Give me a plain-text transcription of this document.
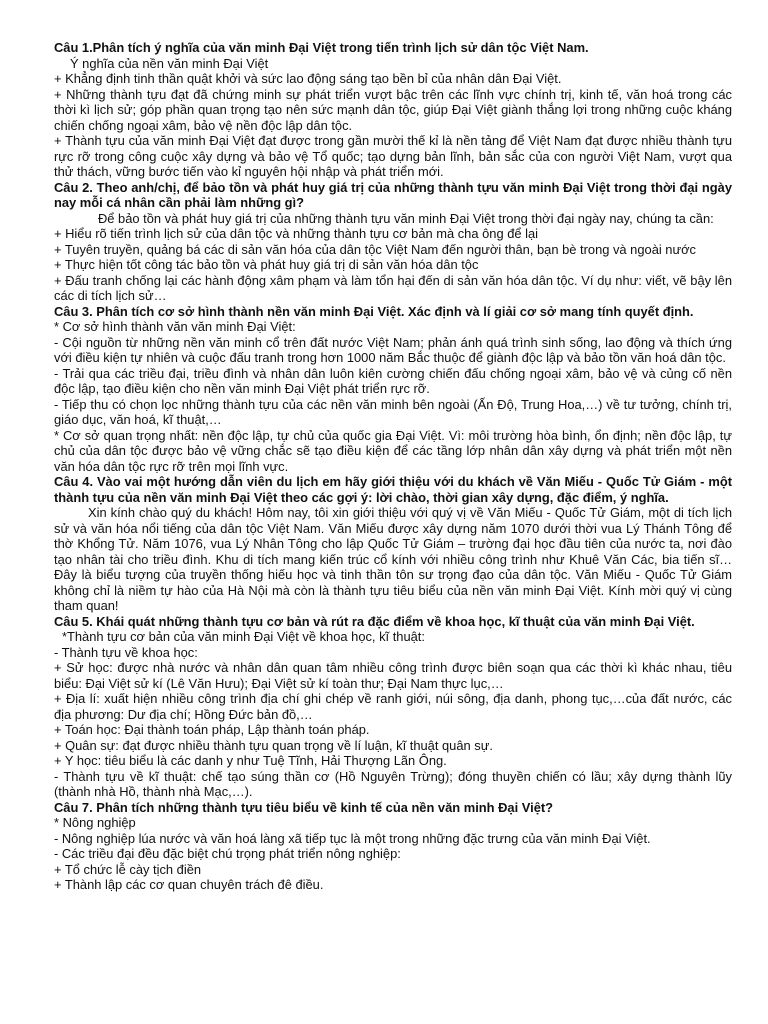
Câu 1.Phân tích ý nghĩa của văn minh Đại Việt trong tiến trình lịch sử dân tộc Việt Nam.

Ý nghĩa của nền văn minh Đại Việt

+ Khẳng định tinh thần quật khởi và sức lao động sáng tạo bền bỉ của nhân dân Đại Việt.

+ Những thành tựu đạt đã chứng minh sự phát triển vượt bậc trên các lĩnh vực chính trị, kinh tế, văn hoá trong các thời kì lịch sử; góp phần quan trọng tạo nên sức mạnh dân tộc, giúp Đại Việt giành thắng lợi trong những cuộc kháng chiến chống ngoại xâm, bảo vệ nền độc lập dân tộc.

+ Thành tựu của văn minh Đại Việt đạt được trong gần mười thế kỉ là nền tảng để Việt Nam đạt được nhiều thành tựu rực rỡ trong công cuộc xây dựng và bảo vệ Tổ quốc; tạo dựng bản lĩnh, bản sắc của con người Việt Nam, vượt qua thử thách, vững bước tiến vào kỉ nguyên hội nhập và phát triển mới.

Câu 2. Theo anh/chị, để bảo tồn và phát huy giá trị của những thành tựu văn minh Đại Việt trong thời đại ngày nay mỗi cá nhân cần phải làm những gì?

Để bảo tồn và phát huy giá trị của những thành tựu văn minh Đại Việt trong thời đại ngày nay, chúng ta cần:

+ Hiểu rõ tiến trình lịch sử của dân tộc và những thành tựu cơ bản mà cha ông để lại

+ Tuyên truyền, quảng bá các di sản văn hóa của dân tộc Việt Nam đến người thân, bạn bè trong và ngoài nước

+ Thực hiện tốt công tác bảo tồn và phát huy giá trị di sản văn hóa dân tộc

+ Đấu tranh chống lại các hành động xâm phạm và làm tổn hại đến di sản văn hóa dân tộc. Ví dụ như: viết, vẽ bậy lên các di tích lịch sử…

Câu 3. Phân tích cơ sở hình thành nền văn minh Đại Việt. Xác định và lí giải cơ sở mang tính quyết định.

* Cơ sở hình thành văn văn minh Đại Việt:

- Cội nguồn từ những nền văn minh cổ trên đất nước Việt Nam; phản ánh quá trình sinh sống, lao động và thích ứng với điều kiện tự nhiên và cuộc đấu tranh trong hơn 1000 năm Bắc thuộc để giành độc lập và bảo tồn văn hoá dân tộc.

- Trải qua các triều đại, triều đình và nhân dân luôn kiên cường chiến đấu chống ngoại xâm, bảo vệ và củng cố nền độc lập, tạo điều kiện cho nền văn minh Đại Việt phát triển rực rỡ.

- Tiếp thu có chọn lọc những thành tựu của các nền văn minh bên ngoài (Ấn Độ, Trung Hoa,…) về tư tưởng, chính trị, giáo dục, văn hoá, kĩ thuật,…

* Cơ sở quan trọng nhất: nền độc lập, tự chủ của quốc gia Đại Việt. Vì: môi trường hòa bình, ổn định; nền độc lập, tự chủ của dân tộc được bảo vệ vững chắc sẽ tạo điều kiện để các tầng lớp nhân dân xây dựng và phát triển một nền văn hóa dân tộc rực rỡ trên mọi lĩnh vực.

Câu 4. Vào vai một hướng dẫn viên du lịch em hãy giới thiệu với du khách về Văn Miếu - Quốc Tử Giám - một thành tựu của nền văn minh Đại Việt theo các gợi ý: lời chào, thời gian xây dựng, đặc điểm, ý nghĩa.

Xin kính chào quý du khách! Hôm nay, tôi xin giới thiệu với quý vị về Văn Miếu - Quốc Tử Giám, một di tích lịch sử và văn hóa nổi tiếng của dân tộc Việt Nam. Văn Miếu được xây dựng năm 1070 dưới thời vua Lý Thánh Tông để thờ Khổng Tử. Năm 1076, vua Lý Nhân Tông cho lập Quốc Tử Giám – trường đại học đầu tiên của nước ta, nơi đào tạo nhân tài cho triều đình. Khu di tích mang kiến trúc cổ kính với nhiều công trình như Khuê Văn Các, bia tiến sĩ… Đây là biểu tượng của truyền thống hiếu học và tinh thần tôn sư trọng đạo của dân tộc. Văn Miếu - Quốc Tử Giám không chỉ là niềm tự hào của Hà Nội mà còn là thành tựu tiêu biểu của nền văn minh Đại Việt. Kính mời quý vị cùng tham quan!

Câu 5. Khái quát những thành tựu cơ bản và rút ra đặc điểm về khoa học, kĩ thuật của văn minh Đại Việt.

*Thành tựu cơ bản của văn minh Đại Việt về khoa học, kĩ thuật:

- Thành tựu về khoa học:

+ Sử học: được nhà nước và nhân dân quan tâm nhiều công trình được biên soạn qua các thời kì khác nhau, tiêu biểu: Đại Việt sử kí (Lê Văn Hưu); Đại Việt sử kí toàn thư; Đại Nam thực lục,…

+ Địa lí: xuất hiện nhiều công trình địa chí ghi chép về ranh giới, núi sông, địa danh, phong tục,…của đất nước, các địa phương: Dư địa chí; Hồng Đức bản đồ,…

+ Toán học: Đại thành toán pháp, Lập thành toán pháp.

+ Quân sự: đạt được nhiều thành tựu quan trọng về lí luận, kĩ thuật quân sự.

+ Y học: tiêu biểu là các danh y như Tuệ Tĩnh, Hải Thượng Lãn Ông.

- Thành tựu về kĩ thuật: chế tạo súng thần cơ (Hồ Nguyên Trừng); đóng thuyền chiến có lầu; xây dựng thành lũy (thành nhà Hồ, thành nhà Mạc,…).

Câu 7. Phân tích những thành tựu tiêu biểu về kinh tế của nền văn minh Đại Việt?

* Nông nghiệp

- Nông nghiệp lúa nước và văn hoá làng xã tiếp tục là một trong những đặc trưng của văn minh Đại Việt.

- Các triều đại đều đặc biệt chú trọng phát triển nông nghiệp:

+ Tổ chức lễ cày tịch điền

+ Thành lập các cơ quan chuyên trách đê điều.
